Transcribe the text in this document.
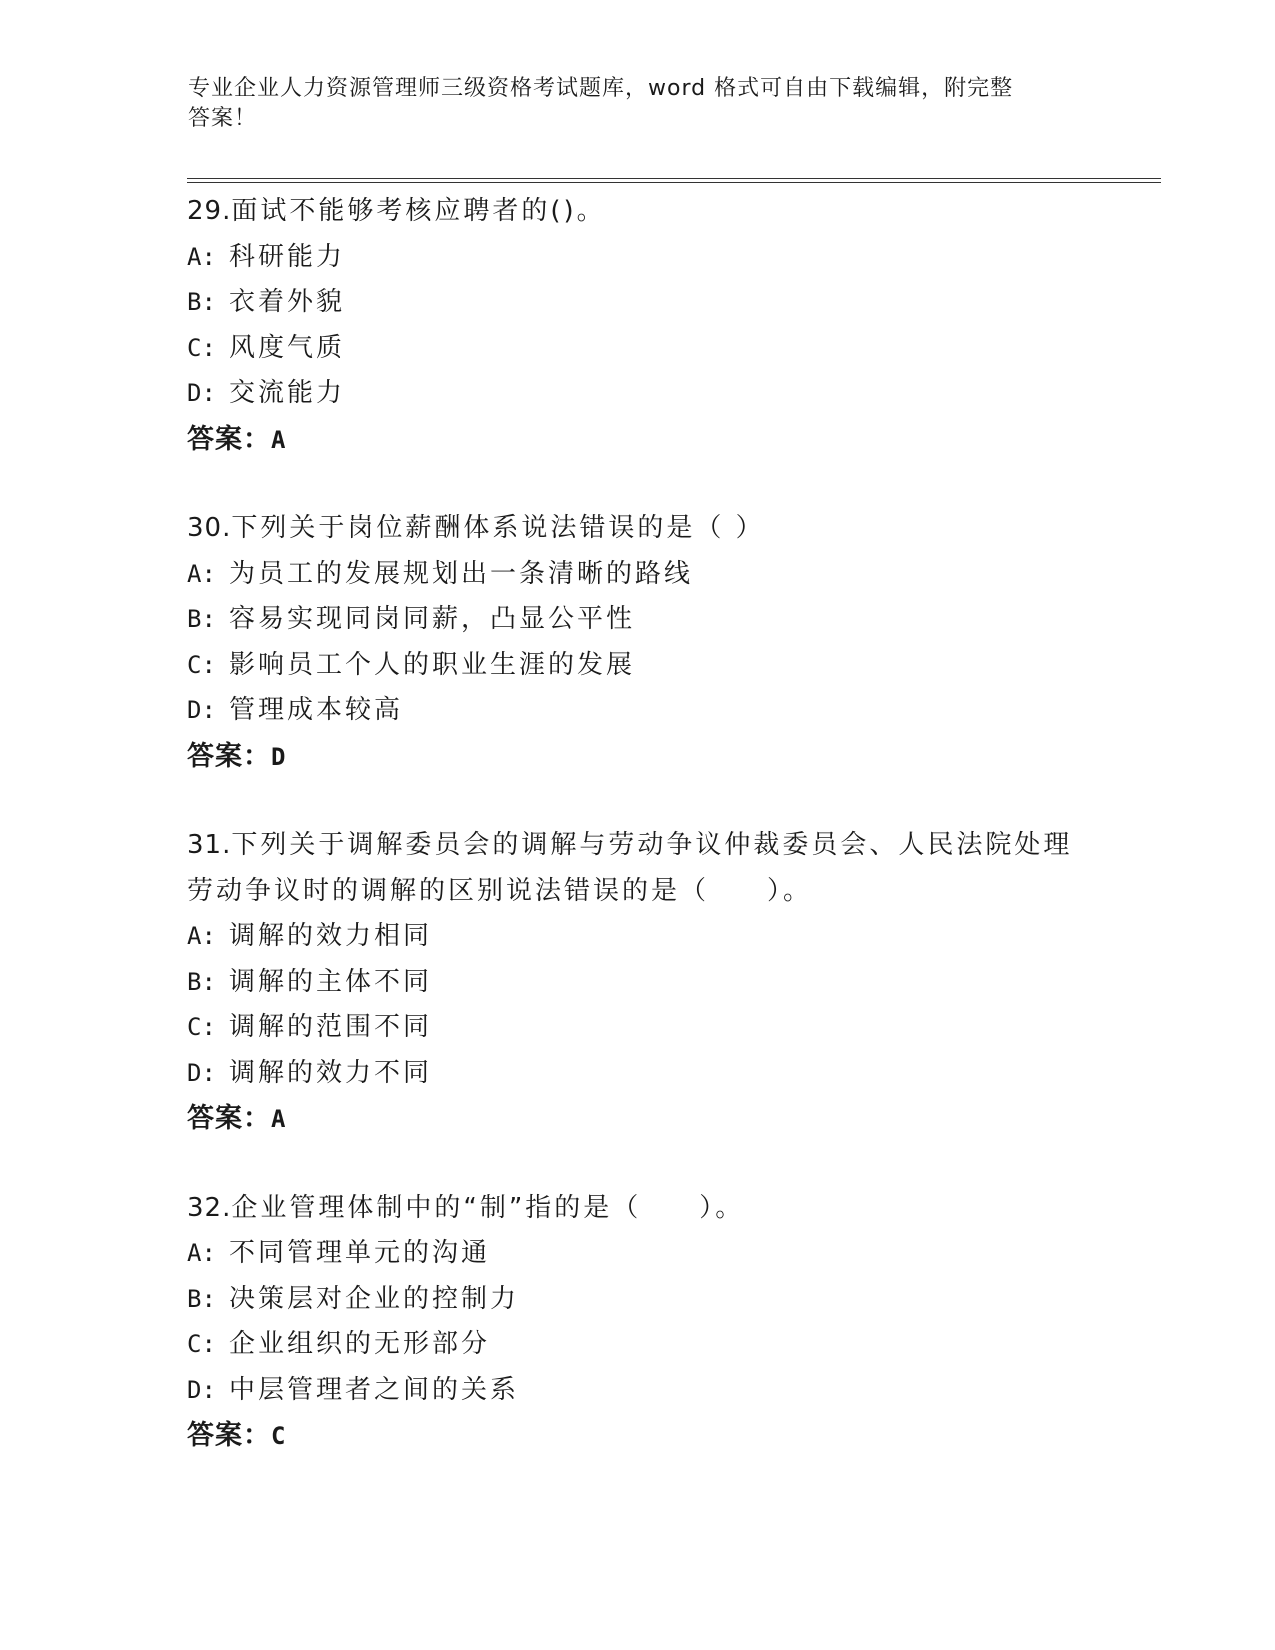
专业企业人力资源管理师三级资格考试题库，word 格式可自由下载编辑，附完整
答案！
29.面试不能够考核应聘者的()。
A: 科研能力
B: 衣着外貌
C: 风度气质
D: 交流能力
答案：A
30.下列关于岗位薪酬体系说法错误的是（ ）
A: 为员工的发展规划出一条清晰的路线
B: 容易实现同岗同薪，凸显公平性
C: 影响员工个人的职业生涯的发展
D: 管理成本较高
答案：D
31.下列关于调解委员会的调解与劳动争议仲裁委员会、人民法院处理
劳动争议时的调解的区别说法错误的是（　　）。
A: 调解的效力相同
B: 调解的主体不同
C: 调解的范围不同
D: 调解的效力不同
答案：A
32.企业管理体制中的“制”指的是（　　）。
A: 不同管理单元的沟通
B: 决策层对企业的控制力
C: 企业组织的无形部分
D: 中层管理者之间的关系
答案：C
